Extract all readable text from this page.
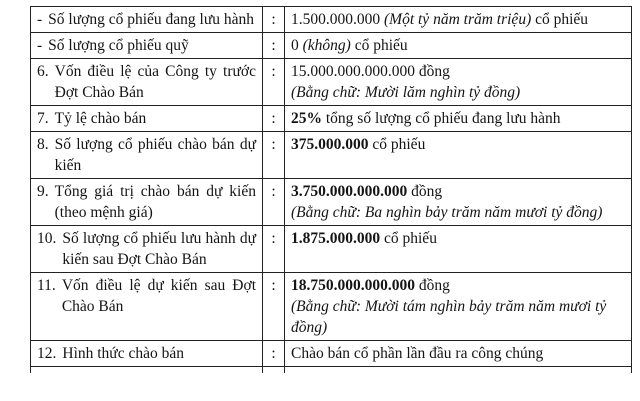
- Số lượng cổ phiếu đang lưu hành	:	1.500.000.000 (Một tỷ năm trăm triệu) cổ phiếu

- Số lượng cổ phiếu quỹ	:	0 (không) cổ phiếu

6. Vốn điều lệ của Công ty trước Đợt Chào Bán	:	15.000.000.000.000 đồng
(Bằng chữ: Mười lăm nghìn tỷ đồng)

7. Tỷ lệ chào bán	:	25% tổng số lượng cổ phiếu đang lưu hành

8. Số lượng cổ phiếu chào bán dự kiến	:	375.000.000 cổ phiếu

9. Tổng giá trị chào bán dự kiến (theo mệnh giá)	:	3.750.000.000.000 đồng
(Bằng chữ: Ba nghìn bảy trăm năm mươi tỷ đồng)

10. Số lượng cổ phiếu lưu hành dự kiến sau Đợt Chào Bán	:	1.875.000.000 cổ phiếu

11. Vốn điều lệ dự kiến sau Đợt Chào Bán	:	18.750.000.000.000 đồng
(Bằng chữ: Mười tám nghìn bảy trăm năm mươi tỷ đồng)

12. Hình thức chào bán	:	Chào bán cổ phần lần đầu ra công chúng
